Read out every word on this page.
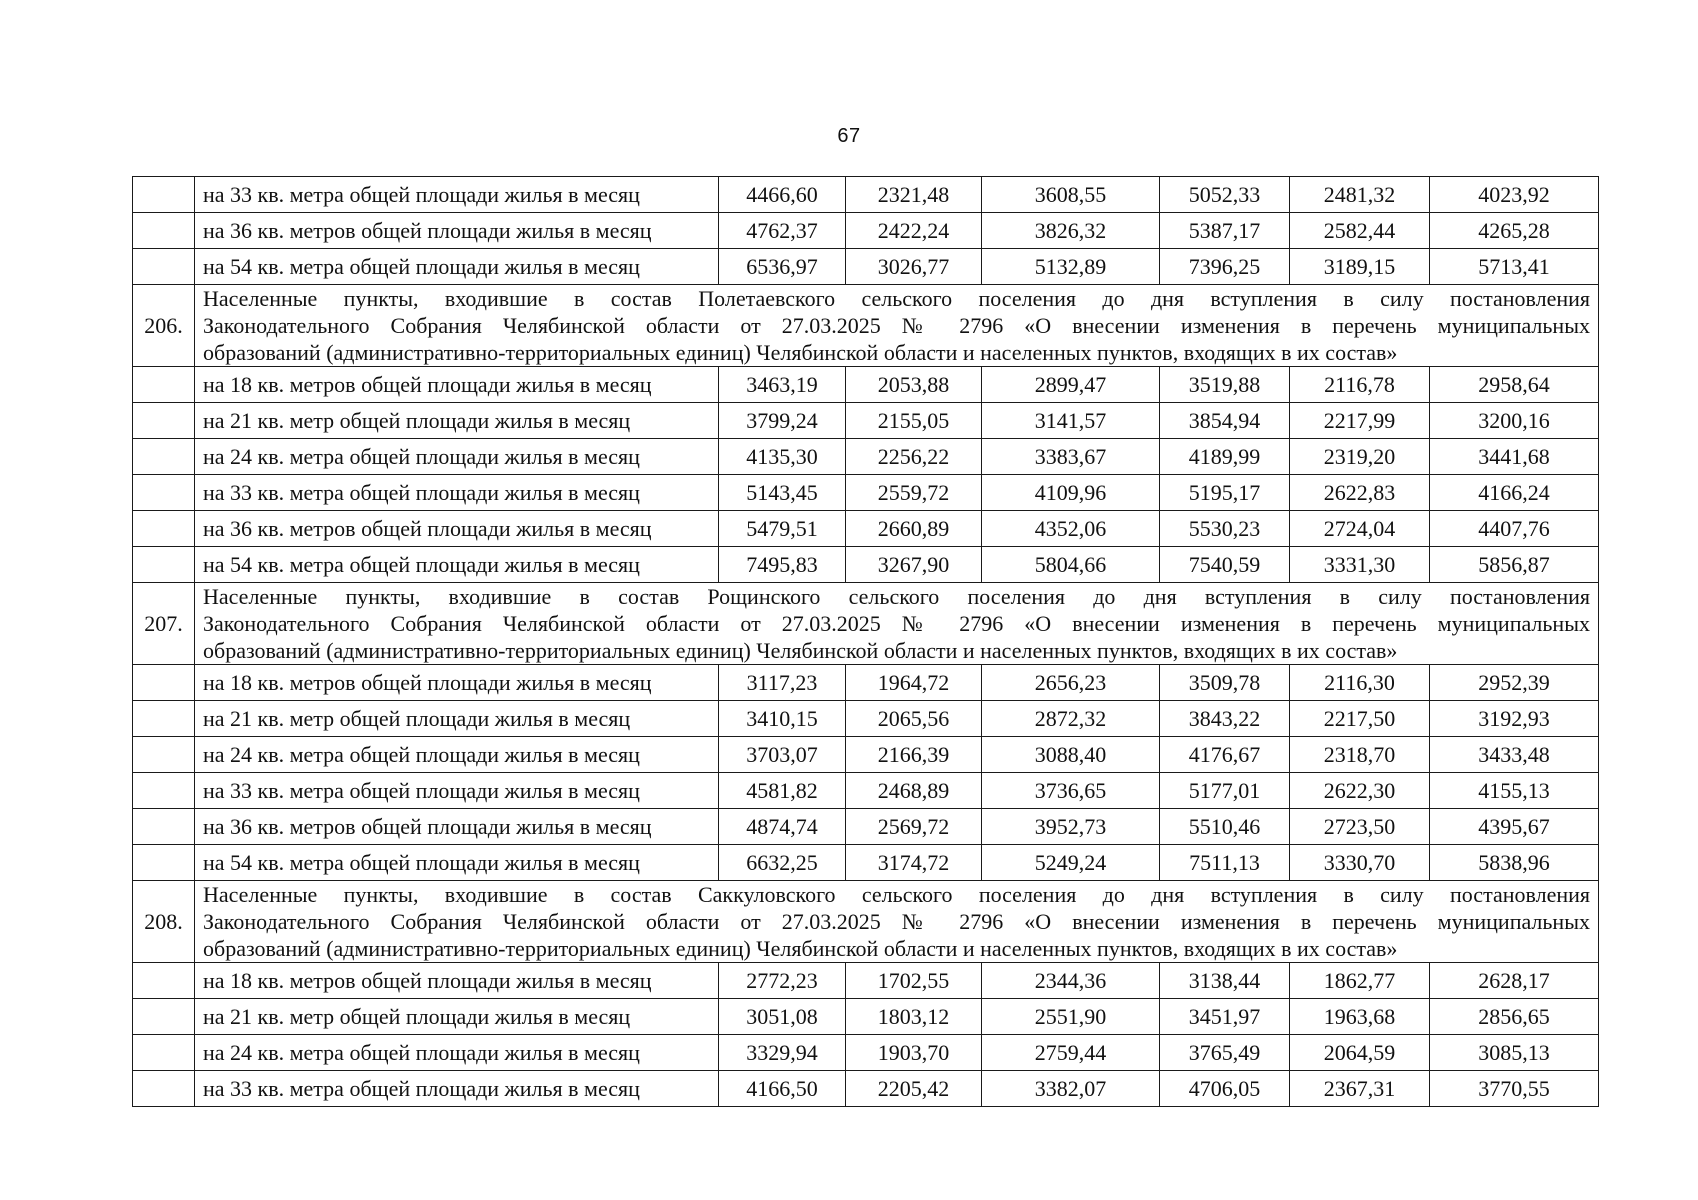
67
	на 33 кв. метра общей площади жилья в месяц	4466,60	2321,48	3608,55	5052,33	2481,32	4023,92
	на 36 кв. метров общей площади жилья в месяц	4762,37	2422,24	3826,32	5387,17	2582,44	4265,28
	на 54 кв. метра общей площади жилья в месяц	6536,97	3026,77	5132,89	7396,25	3189,15	5713,41
206.	Населенные пункты, входившие в состав Полетаевского сельского поселения до дня вступления в силу постановления
Законодательного Собрания Челябинской области от 27.03.2025 № 2796 «О внесении изменения в перечень муниципальных
образований (административно-территориальных единиц) Челябинской области и населенных пунктов, входящих в их состав»						

	на 18 кв. метров общей площади жилья в месяц	3463,19	2053,88	2899,47	3519,88	2116,78	2958,64
	на 21 кв. метр общей площади жилья в месяц	3799,24	2155,05	3141,57	3854,94	2217,99	3200,16
	на 24 кв. метра общей площади жилья в месяц	4135,30	2256,22	3383,67	4189,99	2319,20	3441,68
	на 33 кв. метра общей площади жилья в месяц	5143,45	2559,72	4109,96	5195,17	2622,83	4166,24
	на 36 кв. метров общей площади жилья в месяц	5479,51	2660,89	4352,06	5530,23	2724,04	4407,76
	на 54 кв. метра общей площади жилья в месяц	7495,83	3267,90	5804,66	7540,59	3331,30	5856,87
207.	Населенные пункты, входившие в состав Рощинского сельского поселения до дня вступления в силу постановления
Законодательного Собрания Челябинской области от 27.03.2025 № 2796 «О внесении изменения в перечень муниципальных
образований (административно-территориальных единиц) Челябинской области и населенных пунктов, входящих в их состав»						

	на 18 кв. метров общей площади жилья в месяц	3117,23	1964,72	2656,23	3509,78	2116,30	2952,39
	на 21 кв. метр общей площади жилья в месяц	3410,15	2065,56	2872,32	3843,22	2217,50	3192,93
	на 24 кв. метра общей площади жилья в месяц	3703,07	2166,39	3088,40	4176,67	2318,70	3433,48
	на 33 кв. метра общей площади жилья в месяц	4581,82	2468,89	3736,65	5177,01	2622,30	4155,13
	на 36 кв. метров общей площади жилья в месяц	4874,74	2569,72	3952,73	5510,46	2723,50	4395,67
	на 54 кв. метра общей площади жилья в месяц	6632,25	3174,72	5249,24	7511,13	3330,70	5838,96
208.	Населенные пункты, входившие в состав Саккуловского сельского поселения до дня вступления в силу постановления
Законодательного Собрания Челябинской области от 27.03.2025 № 2796 «О внесении изменения в перечень муниципальных
образований (административно-территориальных единиц) Челябинской области и населенных пунктов, входящих в их состав»						

	на 18 кв. метров общей площади жилья в месяц	2772,23	1702,55	2344,36	3138,44	1862,77	2628,17
	на 21 кв. метр общей площади жилья в месяц	3051,08	1803,12	2551,90	3451,97	1963,68	2856,65
	на 24 кв. метра общей площади жилья в месяц	3329,94	1903,70	2759,44	3765,49	2064,59	3085,13
	на 33 кв. метра общей площади жилья в месяц	4166,50	2205,42	3382,07	4706,05	2367,31	3770,55
